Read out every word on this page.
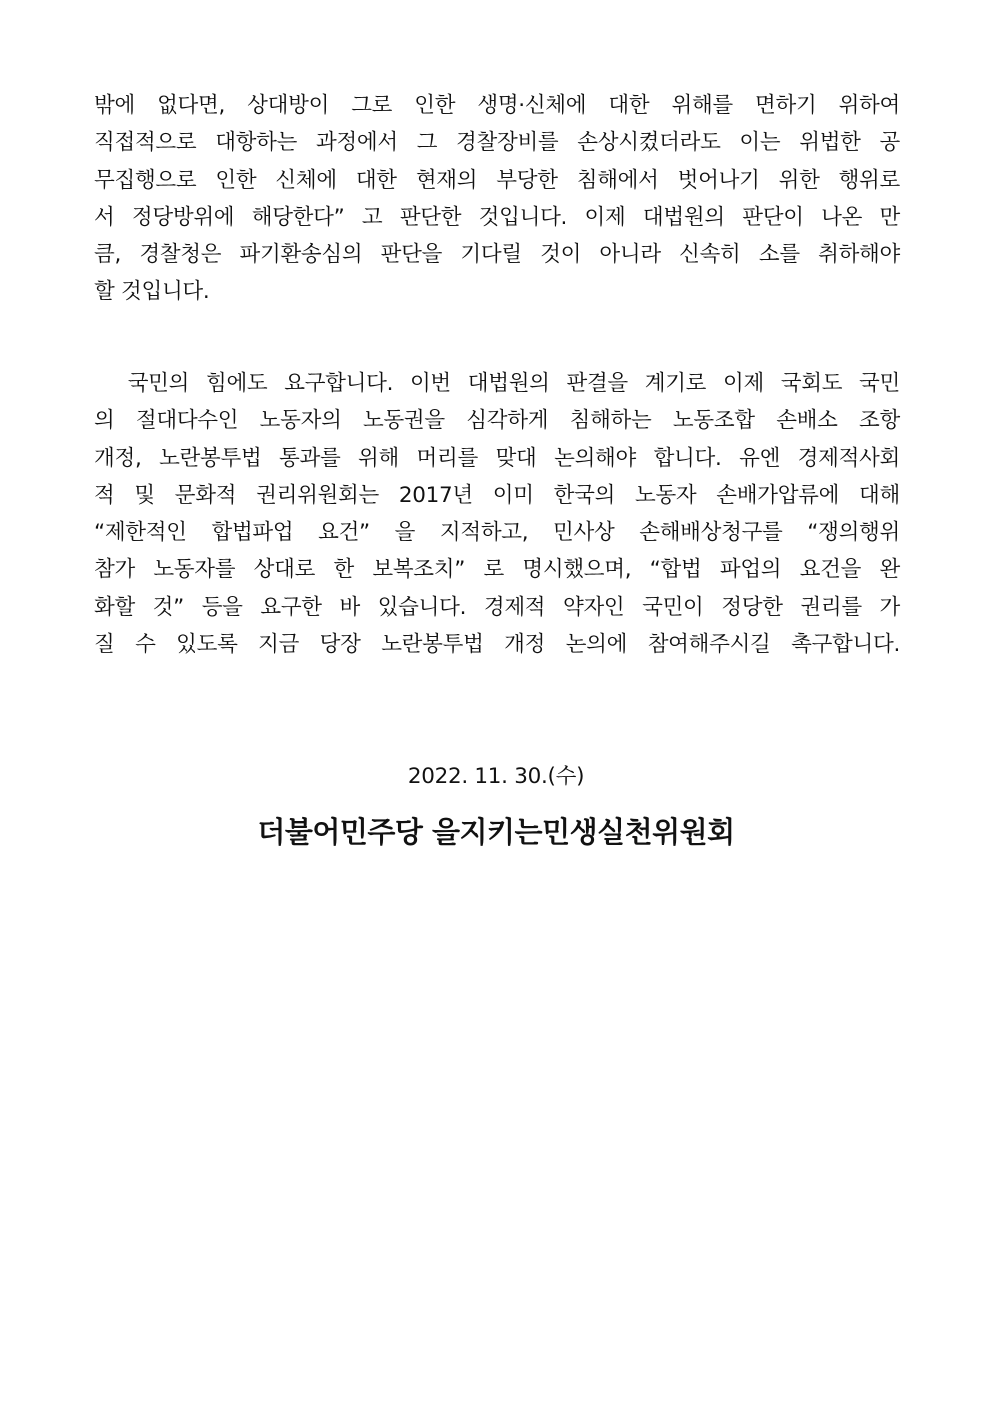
밖에 없다면, 상대방이 그로 인한 생명·신체에 대한 위해를 면하기 위하여
직접적으로 대항하는 과정에서 그 경찰장비를 손상시켰더라도 이는 위법한 공
무집행으로 인한 신체에 대한 현재의 부당한 침해에서 벗어나기 위한 행위로
서 정당방위에 해당한다” 고 판단한 것입니다. 이제 대법원의 판단이 나온 만
큼, 경찰청은 파기환송심의 판단을 기다릴 것이 아니라 신속히 소를 취하해야
할 것입니다.
국민의 힘에도 요구합니다. 이번 대법원의 판결을 계기로 이제 국회도 국민
의 절대다수인 노동자의 노동권을 심각하게 침해하는 노동조합 손배소 조항
개정, 노란봉투법 통과를 위해 머리를 맞대 논의해야 합니다. 유엔 경제적사회
적 및 문화적 권리위원회는 2017년 이미 한국의 노동자 손배가압류에 대해
“제한적인 합법파업 요건” 을 지적하고, 민사상 손해배상청구를 “쟁의행위
참가 노동자를 상대로 한 보복조치” 로 명시했으며, “합법 파업의 요건을 완
화할 것” 등을 요구한 바 있습니다. 경제적 약자인 국민이 정당한 권리를 가
질 수 있도록 지금 당장 노란봉투법 개정 논의에 참여해주시길 촉구합니다.
2022. 11. 30.(수)
더불어민주당 을지키는민생실천위원회
